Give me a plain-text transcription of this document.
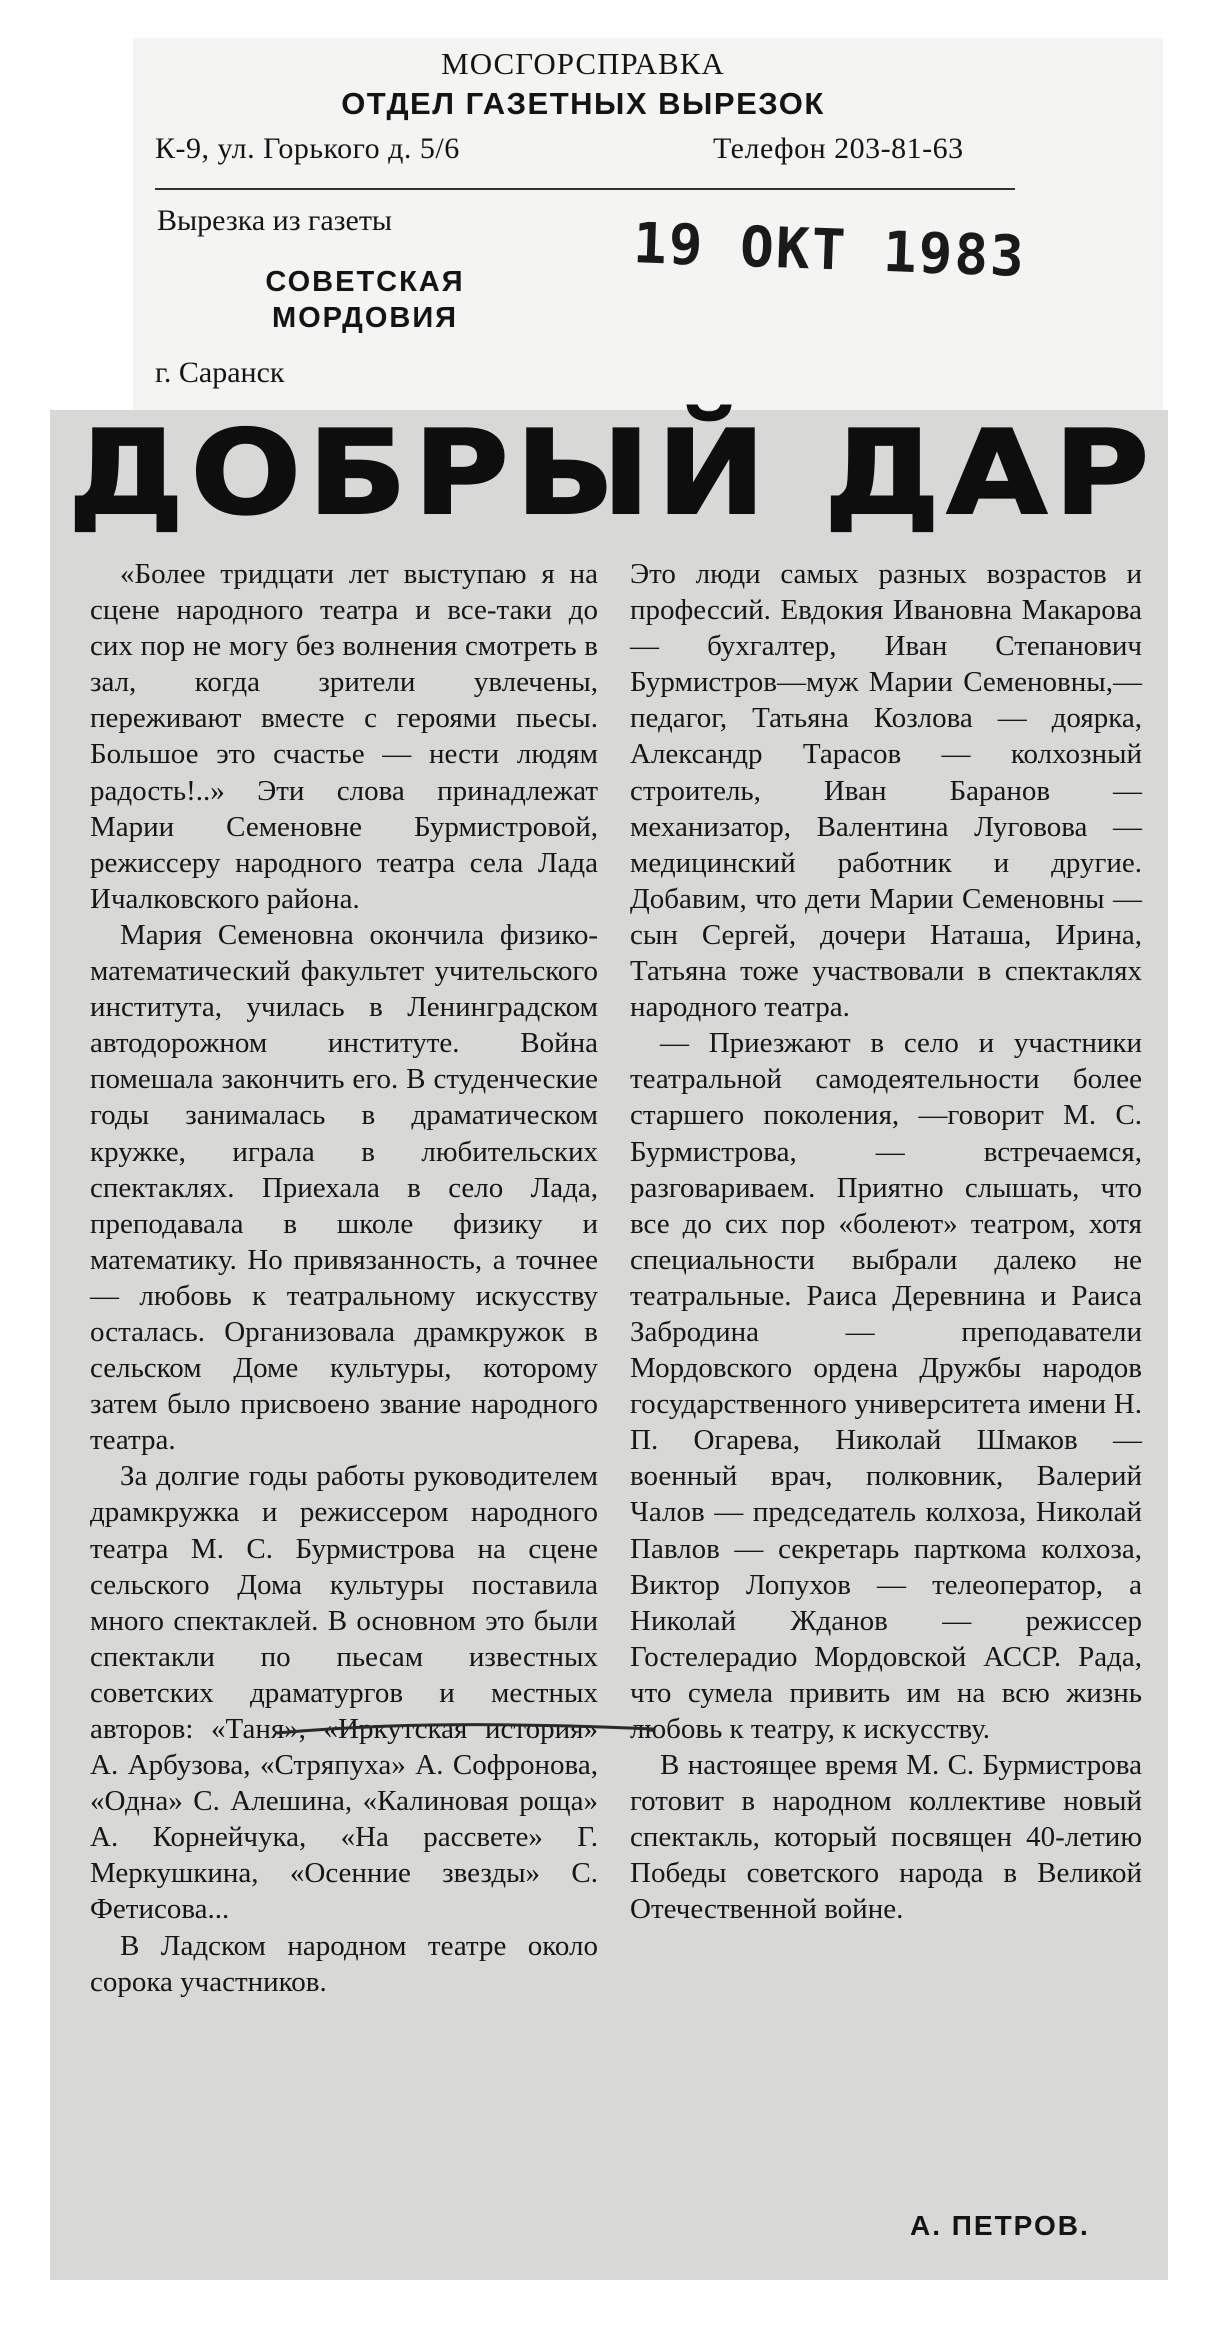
МОСГОРСПРАВКА
ОТДЕЛ ГАЗЕТНЫХ ВЫРЕЗОК
К-9, ул. Горького д. 5/6	Телефон 203-81-63
Вырезка из газеты
СОВЕТСКАЯ
МОРДОВИЯ
19 ОКТ 1983
г. Саранск
ДОБРЫЙ ДАР

«Более тридцати лет выступаю я на сцене народного театра и все-таки до сих пор не могу без волнения смотреть в зал, когда зрители увлечены, переживают вместе с героями пьесы. Большое это счастье — нести людям радость!..» Эти слова принадлежат Марии Семеновне Бурмистровой, режиссеру народного театра села Лада Ичалковского района.

Мария Семеновна окончила физико-математический факультет учительского института, училась в Ленинградском автодорожном институте. Война помешала закончить его. В студенческие годы занималась в драматическом кружке, играла в любительских спектаклях. Приехала в село Лада, преподавала в школе физику и математику. Но привязанность, а точнее — любовь к театральному искусству осталась. Организовала драмкружок в сельском Доме культуры, которому затем было присвоено звание народного театра.

За долгие годы работы руководителем драмкружка и режиссером народного театра М. С. Бурмистрова на сцене сельского Дома культуры поставила много спектаклей. В основном это были спектакли по пьесам известных советских драматургов и местных авторов: «Таня», «Иркутская история» А. Арбузова, «Стряпуха» А. Софронова, «Одна» С. Алешина, «Калиновая роща» А. Корнейчука, «На рассвете» Г. Меркушкина, «Осенние звезды» С. Фетисова...

В Ладском народном театре около сорока участников.

Это люди самых разных возрастов и профессий. Евдокия Ивановна Макарова — бухгалтер, Иван Степанович Бурмистров—муж Марии Семеновны,— педагог, Татьяна Козлова — доярка, Александр Тарасов — колхозный строитель, Иван Баранов — механизатор, Валентина Луговова — медицинский работник и другие. Добавим, что дети Марии Семеновны — сын Сергей, дочери Наташа, Ирина, Татьяна тоже участвовали в спектаклях народного театра.

— Приезжают в село и участники театральной самодеятельности более старшего поколения, —говорит М. С. Бурмистрова, — встречаемся, разговариваем. Приятно слышать, что все до сих пор «болеют» театром, хотя специальности выбрали далеко не театральные. Раиса Деревнина и Раиса Забродина — преподаватели Мордовского ордена Дружбы народов государственного университета имени Н. П. Огарева, Николай Шмаков — военный врач, полковник, Валерий Чалов — председатель колхоза, Николай Павлов — секретарь парткома колхоза, Виктор Лопухов — телеоператор, а Николай Жданов — режиссер Гостелерадио Мордовской АССР. Рада, что сумела привить им на всю жизнь любовь к театру, к искусству.

В настоящее время М. С. Бурмистрова готовит в народном коллективе новый спектакль, который посвящен 40-летию Победы советского народа в Великой Отечественной войне.

А. ПЕТРОВ.
